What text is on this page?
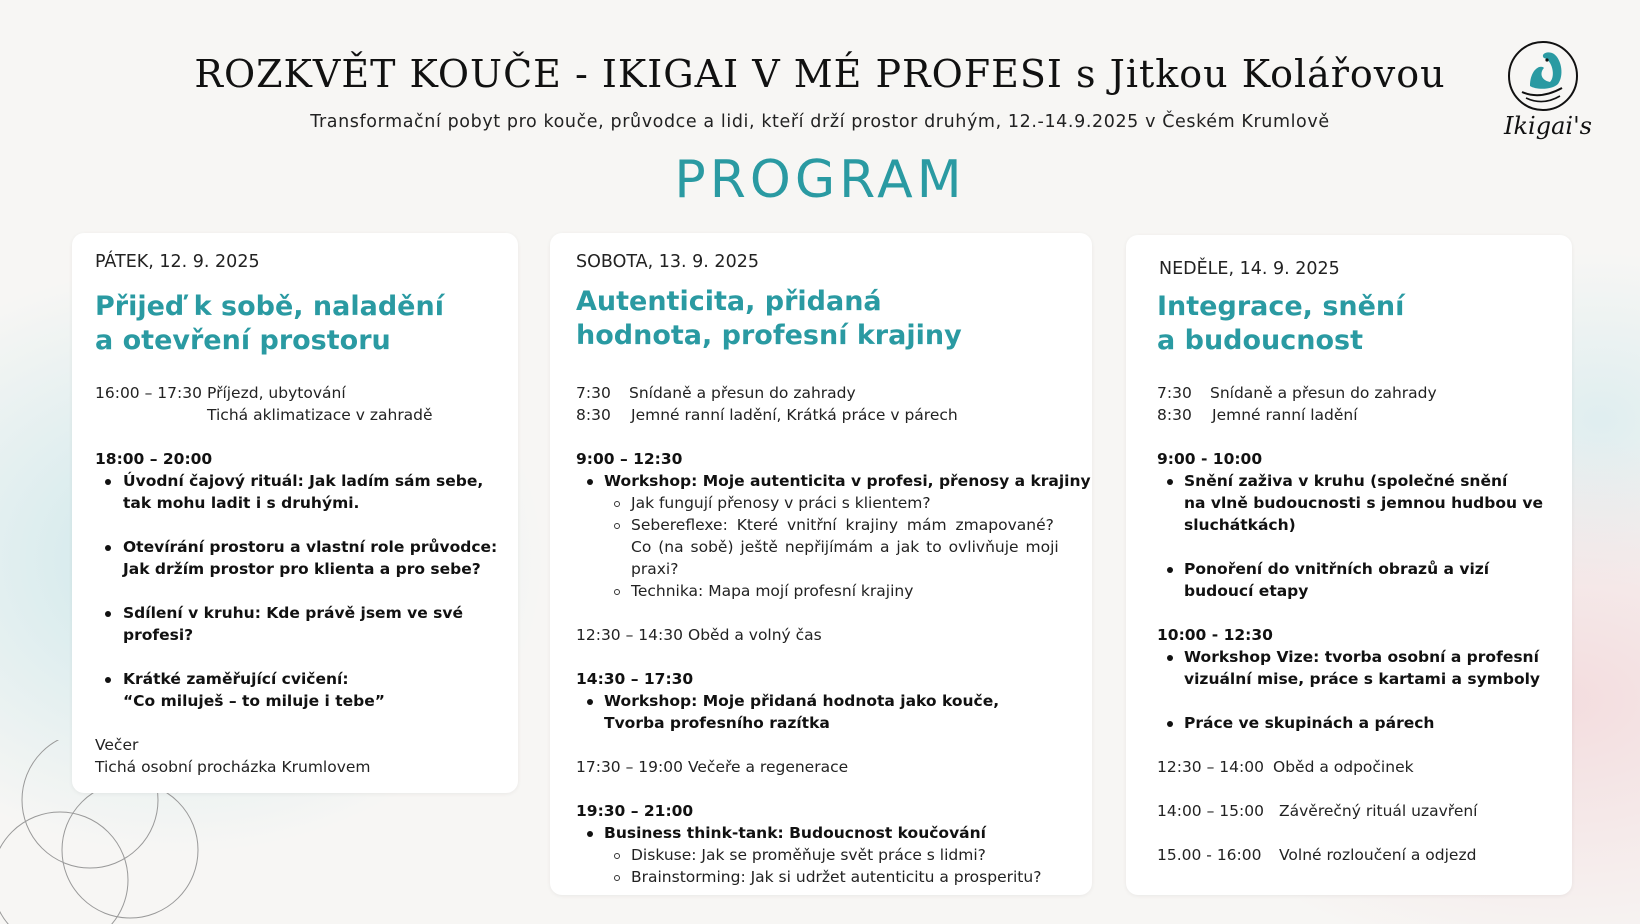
ROZKVĚT KOUČE - IKIGAI V MÉ PROFESI s Jitkou Kolářovou
Transformační pobyt pro kouče, průvodce a lidi, kteří drží prostor druhým, 12.-14.9.2025 v Českém Krumlově
PROGRAM
Ikigai's
PÁTEK, 12. 9. 2025
Přijeď k sobě, naladění
a otevření prostoru
16:00 – 17:30 Příjezd, ubytování
Tichá aklimatizace v zahradě
18:00 – 20:00
Úvodní čajový rituál: Jak ladím sám sebe,
tak mohu ladit i s druhými.
Otevírání prostoru a vlastní role průvodce:
Jak držím prostor pro klienta a pro sebe?
Sdílení v kruhu: Kde právě jsem ve své
profesi?
Krátké zaměřující cvičení:
“Co miluješ – to miluje i tebe”
Večer
Tichá osobní procházka Krumlovem
SOBOTA, 13. 9. 2025
Autenticita, přidaná
hodnota, profesní krajiny
7:30 Snídaně a přesun do zahrady
8:30 Jemné ranní ladění, Krátká práce v párech
9:00 – 12:30
Workshop: Moje autenticita v profesi, přenosy a krajiny
Jak fungují přenosy v práci s klientem?
Sebereflexe: Které vnitřní krajiny mám zmapované?
Co (na sobě) ještě nepřijímám a jak to ovlivňuje moji
praxi?
Technika: Mapa mojí profesní krajiny
12:30 – 14:30 Oběd a volný čas
14:30 – 17:30
Workshop: Moje přidaná hodnota jako kouče,
Tvorba profesního razítka
17:30 – 19:00 Večeře a regenerace
19:30 – 21:00
Business think-tank: Budoucnost koučování
Diskuse: Jak se proměňuje svět práce s lidmi?
Brainstorming: Jak si udržet autenticitu a prosperitu?
NEDĚLE, 14. 9. 2025
Integrace, snění
a budoucnost
7:30 Snídaně a přesun do zahrady
8:30 Jemné ranní ladění
9:00 - 10:00
Snění zaživa v kruhu (společné snění
na vlně budoucnosti s jemnou hudbou ve
sluchátkách)
Ponoření do vnitřních obrazů a vizí
budoucí etapy
10:00 - 12:30
Workshop Vize: tvorba osobní a profesní
vizuální mise, práce s kartami a symboly
Práce ve skupinách a párech
12:30 – 14:00 Oběd a odpočinek
14:00 – 15:00 Závěrečný rituál uzavření
15.00 - 16:00 Volné rozloučení a odjezd
